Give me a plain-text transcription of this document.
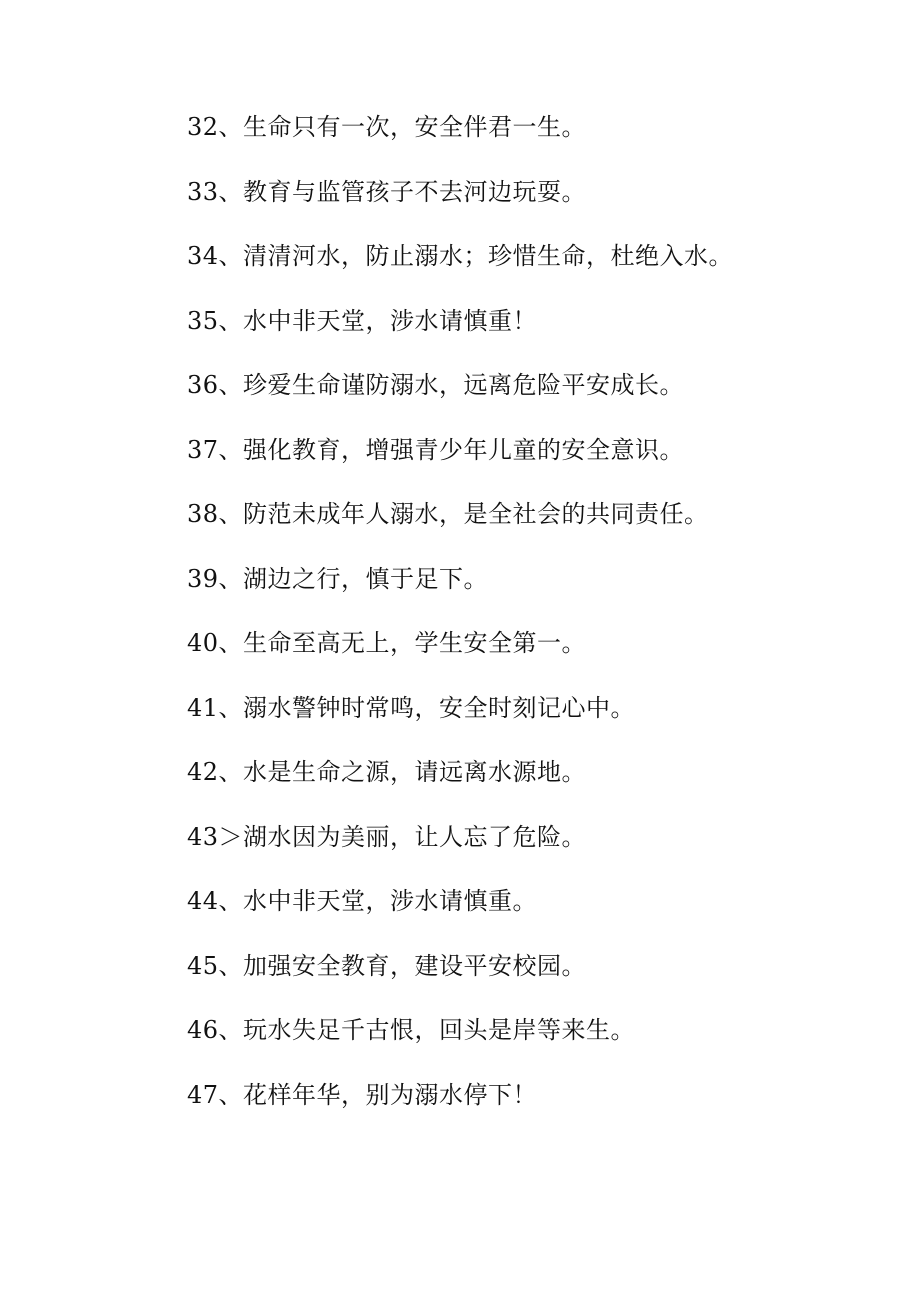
32、生命只有一次，安全伴君一生。
33、教育与监管孩子不去河边玩耍。
34、清清河水，防止溺水；珍惜生命，杜绝入水。
35、水中非天堂，涉水请慎重！
36、珍爱生命谨防溺水，远离危险平安成长。
37、强化教育，增强青少年儿童的安全意识。
38、防范未成年人溺水，是全社会的共同责任。
39、湖边之行，慎于足下。
40、生命至高无上，学生安全第一。
41、溺水警钟时常鸣，安全时刻记心中。
42、水是生命之源，请远离水源地。
43＞湖水因为美丽，让人忘了危险。
44、水中非天堂，涉水请慎重。
45、加强安全教育，建设平安校园。
46、玩水失足千古恨，回头是岸等来生。
47、花样年华，别为溺水停下！
